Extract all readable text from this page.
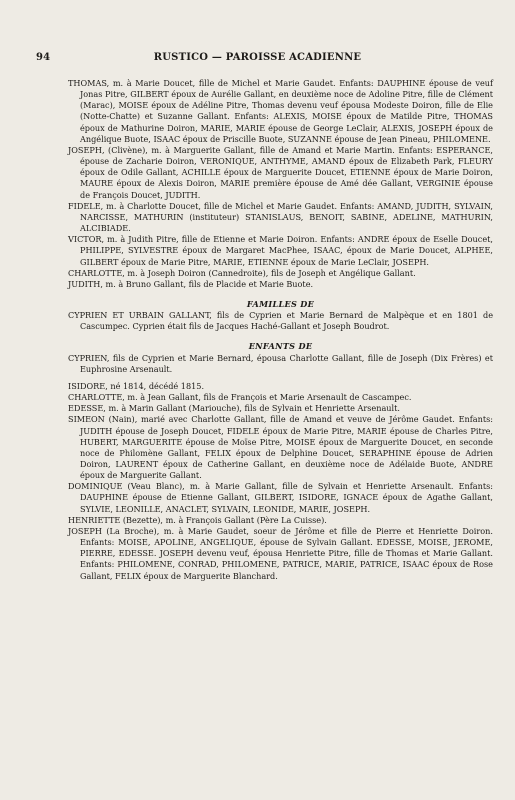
94	RUSTICO — PAROISSE ACADIENNE

THOMAS, m. à Marie Doucet, fille de Michel et Marie Gaudet. Enfants: DAUPHINE épouse de veuf Jonas Pitre, GILBERT époux de Aurélie Gallant, en deuxième noce de Adoline Pitre, fille de Clément (Marac), MOISE époux de Adéline Pitre, Thomas devenu veuf épousa Modeste Doiron, fille de Elie (Notte-Chatte) et Suzanne Gallant. Enfants: ALEXIS, MOISE époux de Matilde Pitre, THOMAS époux de Mathurine Doiron, MARIE, MARIE épouse de George LeClair, ALEXIS, JOSEPH époux de Angélique Buote, ISAAC époux de Priscille Buote, SUZANNE épouse de Jean Pineau, PHILOMENE.

JOSEPH, (Clivène), m. à Marguerite Gallant, fille de Amand et Marie Martin. Enfants: ESPERANCE, épouse de Zacharie Doiron, VERONIQUE, ANTHYME, AMAND époux de Elizabeth Park, FLEURY époux de Odile Gallant, ACHILLE époux de Marguerite Doucet, ETIENNE époux de Marie Doiron, MAURE époux de Alexis Doiron, MARIE première épouse de Amé dée Gallant, VERGINIE épouse de François Doucet, JUDITH.

FIDELE, m. à Charlotte Doucet, fille de Michel et Marie Gaudet. Enfants: AMAND, JUDITH, SYLVAIN, NARCISSE, MATHURIN (instituteur) STANISLAUS, BENOIT, SABINE, ADELINE, MATHURIN, ALCIBIADE.

VICTOR, m. à Judith Pitre, fille de Etienne et Marie Doiron. Enfants: ANDRE époux de Eselle Doucet, PHILIPPE, SYLVESTRE époux de Margaret MacPhee, ISAAC, époux de Marie Doucet, ALPHEE, GILBERT époux de Marie Pitre, MARIE, ETIENNE époux de Marie LeClair, JOSEPH.

CHARLOTTE, m. à Joseph Doiron (Cannedroite), fils de Joseph et Angélique Gallant.

JUDITH, m. à Bruno Gallant, fils de Placide et Marie Buote.

FAMILLES DE

CYPRIEN ET URBAIN GALLANT, fils de Cyprien et Marie Bernard de Malpèque et en 1801 de Cascumpec. Cyprien était fils de Jacques Haché-Gallant et Joseph Boudrot.

ENFANTS DE

CYPRIEN, fils de Cyprien et Marie Bernard, épousa Charlotte Gallant, fille de Joseph (Dix Frères) et Euphrosine Arsenault.

ISIDORE, né 1814, décédé 1815.

CHARLOTTE, m. à Jean Gallant, fils de François et Marie Arsenault de Cascampec.

EDESSE, m. à Marin Gallant (Mariouche), fils de Sylvain et Henriette Arsenault.

SIMEON (Nain), marié avec Charlotte Gallant, fille de Amand et veuve de Jérôme Gaudet. Enfants: JUDITH épouse de Joseph Doucet, FIDELE époux de Marie Pitre, MARIE épouse de Charles Pitre, HUBERT, MARGUERITE épouse de Moïse Pitre, MOISE époux de Marguerite Doucet, en seconde noce de Philomène Gallant, FELIX époux de Delphine Doucet, SERAPHINE épouse de Adrien Doiron, LAURENT époux de Catherine Gallant, en deuxième noce de Adélaide Buote, ANDRE époux de Marguerite Gallant.

DOMINIQUE (Veau Blanc), m. à Marie Gallant, fille de Sylvain et Henriette Arsenault. Enfants: DAUPHINE épouse de Etienne Gallant, GILBERT, ISIDORE, IGNACE époux de Agathe Gallant, SYLVIE, LEONILLE, ANACLET, SYLVAIN, LEONIDE, MARIE, JOSEPH.

HENRIETTE (Bezette), m. à François Gallant (Père La Cuisse).

JOSEPH (La Broche), m. à Marie Gaudet, soeur de Jérôme et fille de Pierre et Henriette Doiron. Enfants: MOISE, APOLINE, ANGELIQUE, épouse de Sylvain Gallant. EDESSE, MOISE, JEROME, PIERRE, EDESSE. JOSEPH devenu veuf, épousa Henriette Pitre, fille de Thomas et Marie Gallant. Enfants: PHILOMENE, CONRAD, PHILOMENE, PATRICE, MARIE, PATRICE, ISAAC époux de Rose Gallant, FELIX époux de Marguerite Blanchard.
